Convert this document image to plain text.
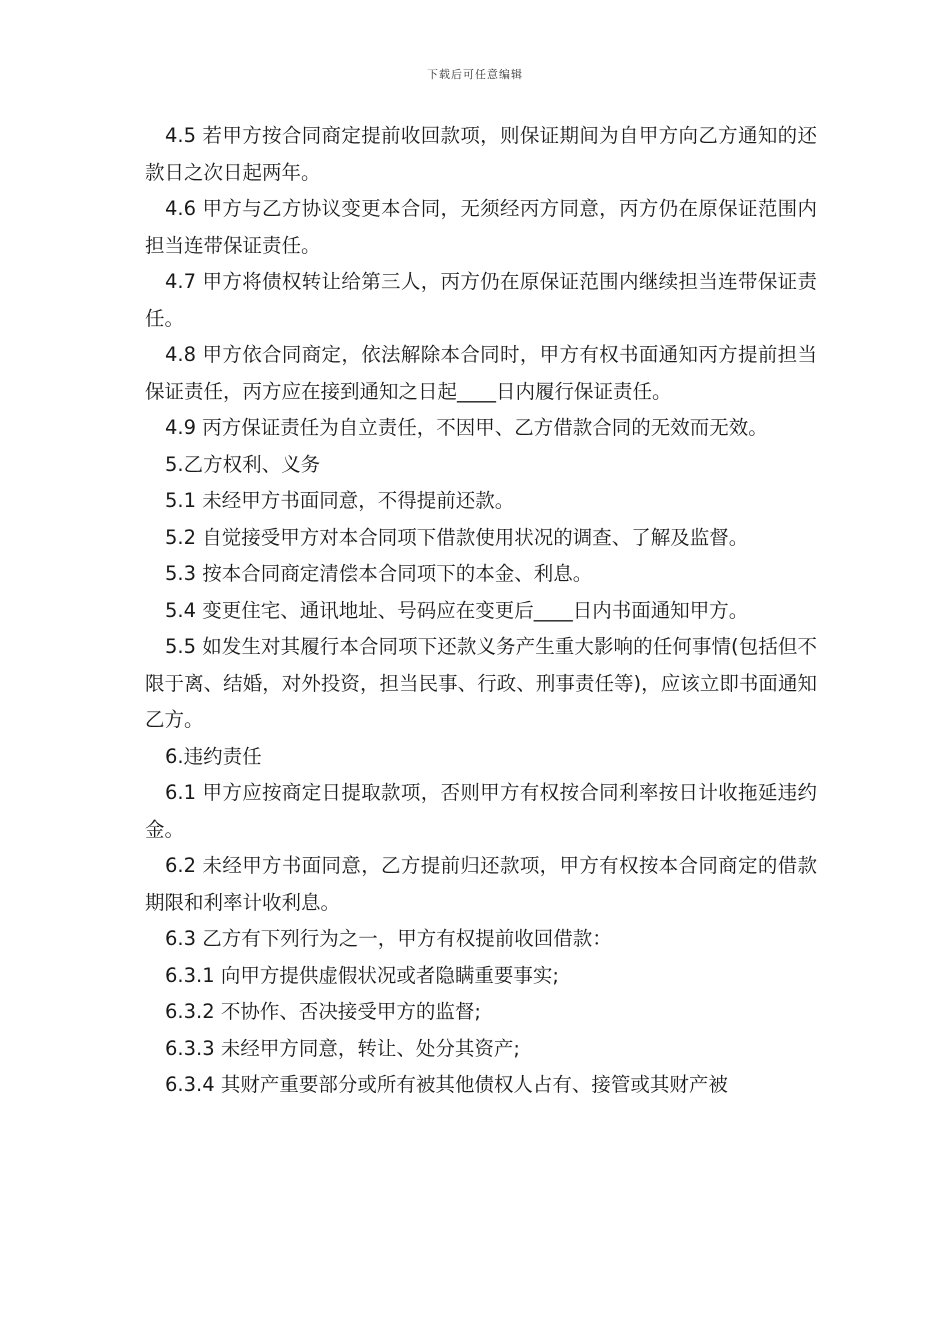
下载后可任意编辑

4.5 若甲方按合同商定提前收回款项，则保证期间为自甲方向乙方通知的还款日之次日起两年。

4.6 甲方与乙方协议变更本合同，无须经丙方同意，丙方仍在原保证范围内担当连带保证责任。

4.7 甲方将债权转让给第三人，丙方仍在原保证范围内继续担当连带保证责任。

4.8 甲方依合同商定，依法解除本合同时，甲方有权书面通知丙方提前担当保证责任，丙方应在接到通知之日起____日内履行保证责任。

4.9 丙方保证责任为自立责任，不因甲、乙方借款合同的无效而无效。

5.乙方权利、义务

5.1 未经甲方书面同意，不得提前还款。

5.2 自觉接受甲方对本合同项下借款使用状况的调查、了解及监督。

5.3 按本合同商定清偿本合同项下的本金、利息。

5.4 变更住宅、通讯地址、号码应在变更后____日内书面通知甲方。

5.5 如发生对其履行本合同项下还款义务产生重大影响的任何事情(包括但不限于离、结婚，对外投资，担当民事、行政、刑事责任等)，应该立即书面通知乙方。

6.违约责任

6.1 甲方应按商定日提取款项，否则甲方有权按合同利率按日计收拖延违约金。

6.2 未经甲方书面同意，乙方提前归还款项，甲方有权按本合同商定的借款期限和利率计收利息。

6.3 乙方有下列行为之一，甲方有权提前收回借款：

6.3.1 向甲方提供虚假状况或者隐瞒重要事实;

6.3.2 不协作、否决接受甲方的监督;

6.3.3 未经甲方同意，转让、处分其资产;

6.3.4 其财产重要部分或所有被其他债权人占有、接管或其财产被
